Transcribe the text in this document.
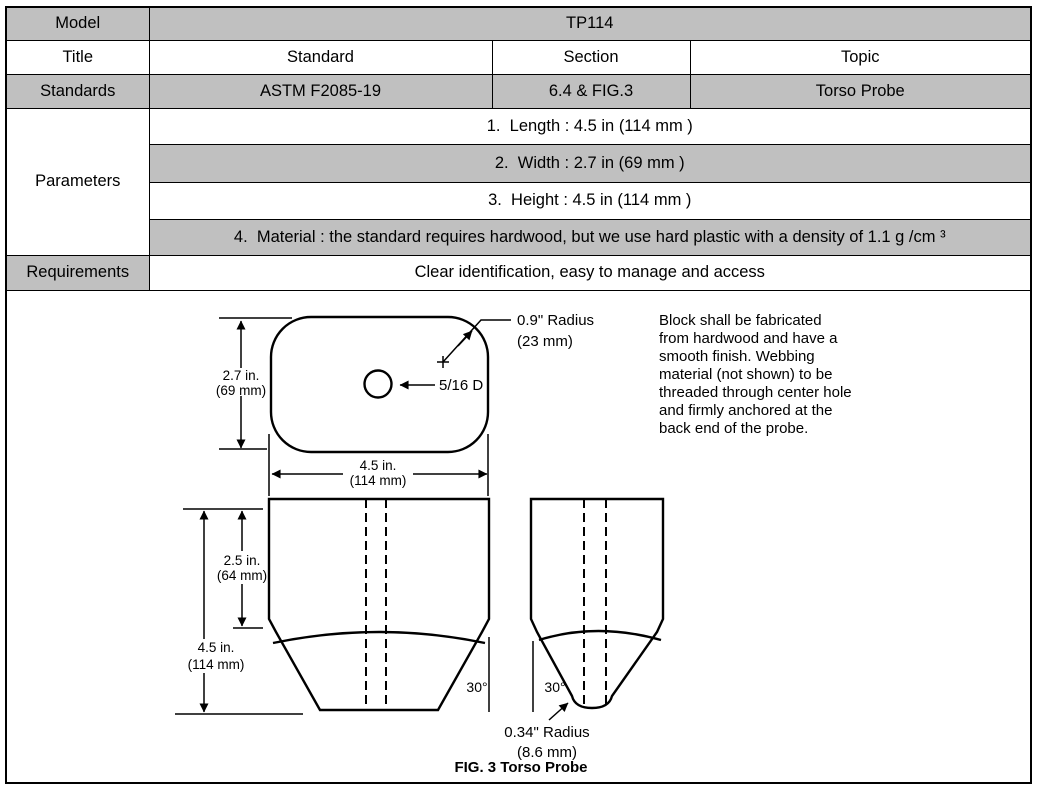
Model	TP114		
Title	Standard	Section	Topic
Standards	ASTM F2085-19	6.4 & FIG.3	Torso Probe
Parameters	1.  Length : 4.5 in (114 mm )		
	2.  Width : 2.7 in (69 mm )		
	3.  Height : 4.5 in (114 mm )		
	4.  Material : the standard requires hardwood, but we use hard plastic with a density of 1.1 g /cm ³		
Requirements	Clear identification, easy to manage and access		

2.7 in.
(69 mm)
4.5 in.
(114 mm)
5/16 D
0.9" Radius
(23 mm)
2.5 in.
(64 mm)
4.5 in.
(114 mm)
30°	30°
0.34" Radius
(8.6 mm)
Block shall be fabricated
from hardwood and have a
smooth finish. Webbing
material (not shown) to be
threaded through center hole
and firmly anchored at the
back end of the probe.
FIG. 3 Torso Probe
